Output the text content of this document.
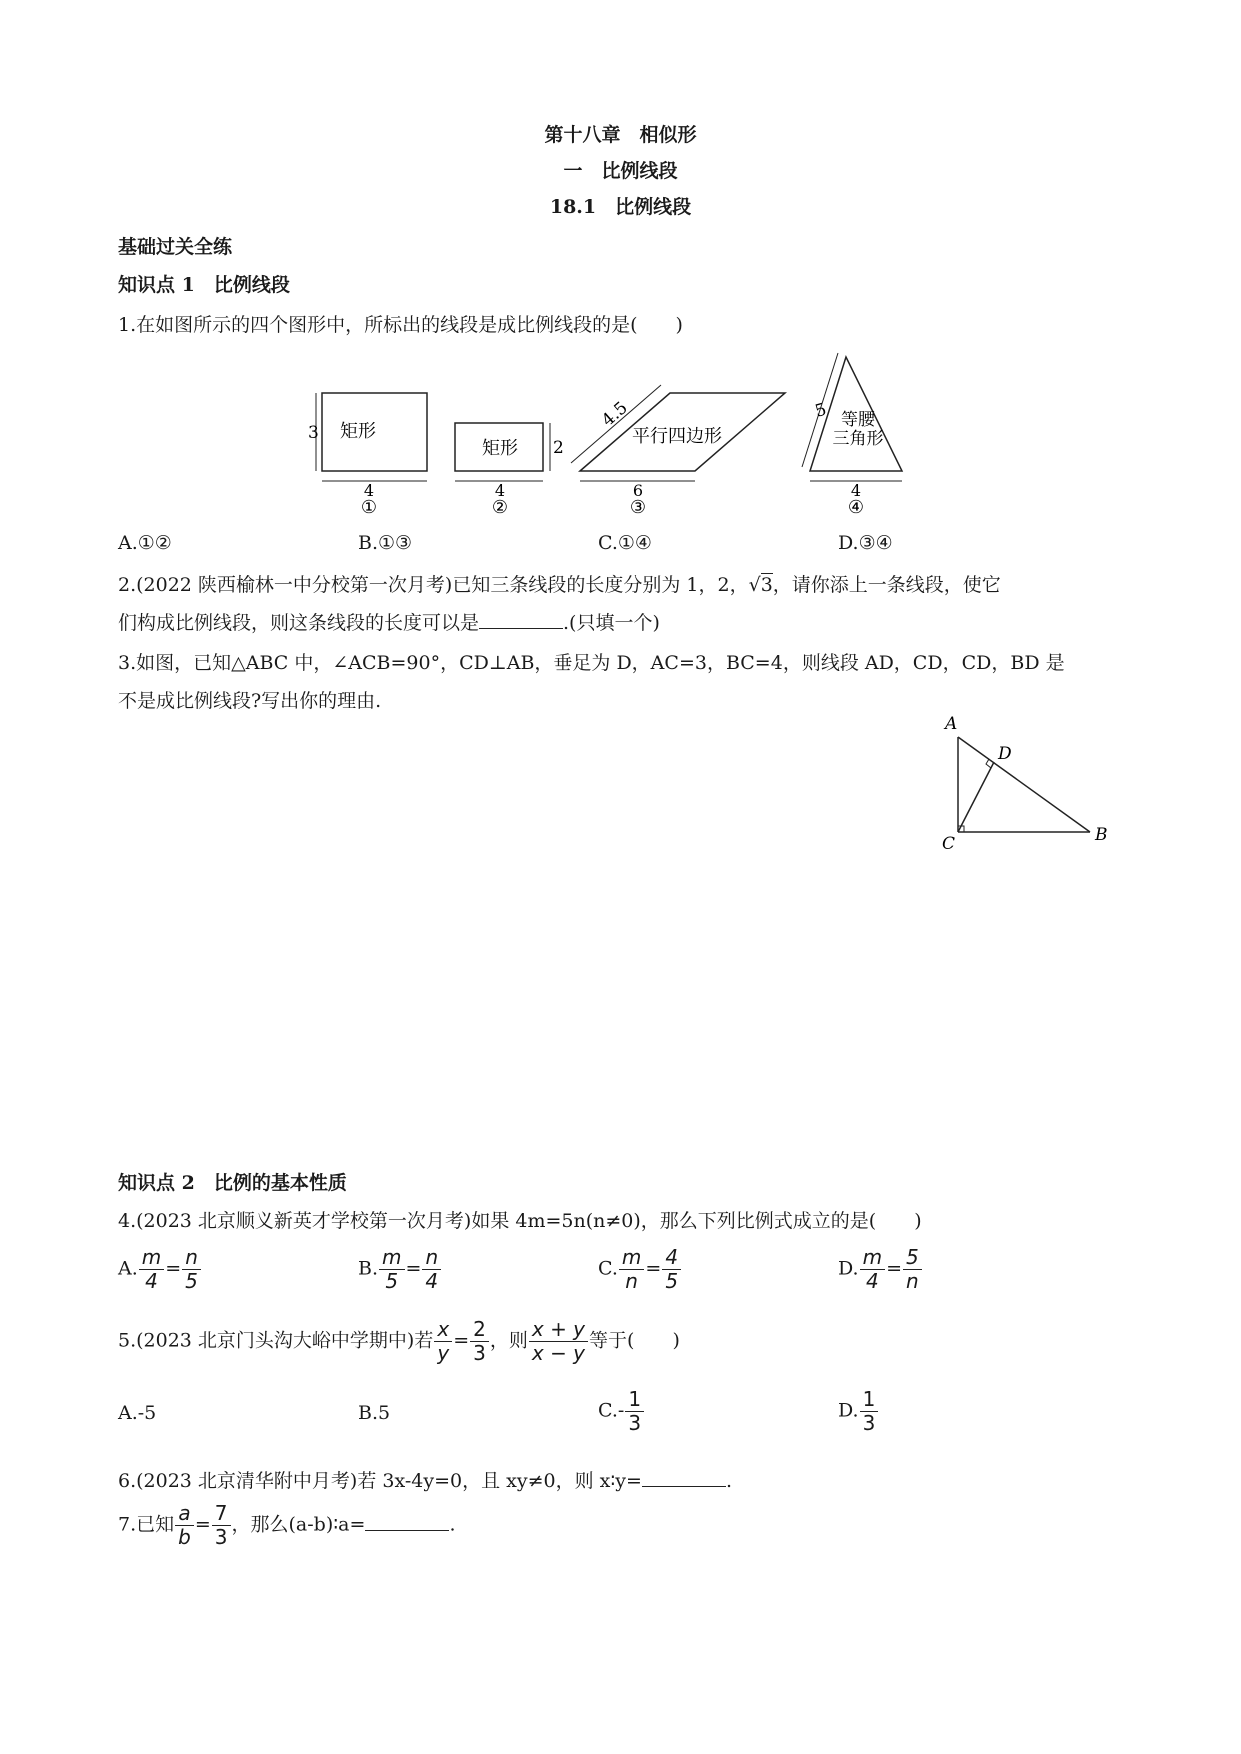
第十八章　相似形
一　比例线段
18.1　比例线段
基础过关全练
知识点 1　比例线段
1.在如图所示的四个图形中，所标出的线段是成比例线段的是(　　)
3 矩形
4
①
2
矩形
4
②
4.5
平行四边形
6
③
5 等腰
三角形
4
④
A.①②	B.①③	C.①④	D.③④
2.(2022 陕西榆林一中分校第一次月考)已知三条线段的长度分别为 1，2，√3，请你添上一条线段，使它
们构成比例线段，则这条线段的长度可以是	.(只填一个)
3.如图，已知△ABC 中，∠ACB=90°，CD⊥AB，垂足为 D，AC=3，BC=4，则线段 AD，CD，CD，BD 是
不是成比例线段?写出你的理由.
A
D
C	B
知识点 2　比例的基本性质
4.(2023 北京顺义新英才学校第一次月考)如果 4m=5n(n≠0)，那么下列比例式成立的是(　　)
A. $\frac{m}{4} = \frac{n}{5}$	B. $\frac{m}{5} = \frac{n}{4}$	C. $\frac{m}{n} = \frac{4}{5}$	D. $\frac{m}{4} = \frac{5}{n}$
5.(2023 北京门头沟大峪中学期中)若 $\frac{x}{y} = \frac{2}{3}$ ，则 $\frac{x + y}{x - y}$ 等于(　　)
A.-5	B.5	$C.- \frac{1}{3}$	D. $\frac{1}{3}$
6.(2023 北京清华附中月考)若 3x-4y=0，且 xy≠0，则 x∶y=	.
7.已知 $\frac{a}{b} = \frac{7}{3}$ ，那么(a-b)∶a=	.
